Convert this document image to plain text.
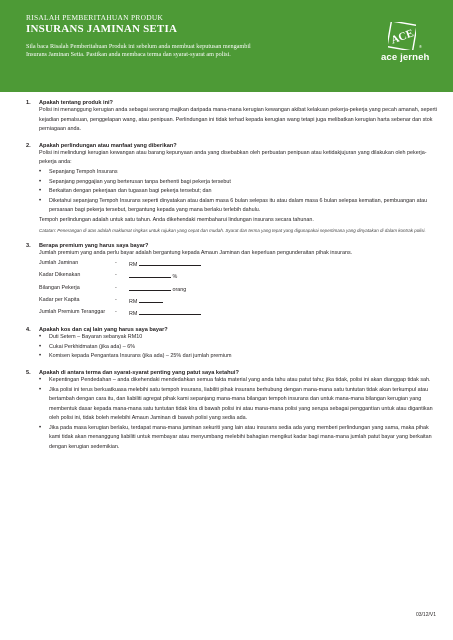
RISALAH PEMBERITAHUAN PRODUK
INSURANS JAMINAN SETIA
Sila baca Risalah Pemberitahuan Produk ini sebelum anda membuat keputusan mengambil
Insurans Jaminan Setia. Pastikan anda membaca terma dan syarat-syarat am polisi.
ACE
ace jerneh
®
1.	Apakah tentang produk ini?
Polisi ini menanggung kerugian anda sebagai seorang majikan daripada mana-mana kerugian kewangan akibat kelakuan pekerja-pekerja yang pecah amanah, seperti kejadian pemalsuan, penggelapan wang, atau penipuan. Perlindungan ini tidak terhad kepada kerugian wang tetapi juga melibatkan kerugian harta sebenar dan stok perniagaan anda.
2.	Apakah perlindungan atau manfaat yang diberikan?
Polisi ini melindungi kerugian kewangan atau barang kepunyaan anda yang disebabkan oleh perbuatan penipuan atau ketidakjujuran yang dilakukan oleh pekerja-pekerja anda:
•	Sepanjang Tempoh Insurans
•	Sepanjang penggajian yang berterusan tanpa berhenti bagi pekerja tersebut
•	Berkaitan dengan pekerjaan dan tugasan bagi pekerja tersebut; dan
•	Diketahui sepanjang Tempoh Insurans seperti dinyatakan atau dalam masa 6 bulan selepas itu atau dalam masa 6 bulan selepas kematian, pembuangan atau persaraan bagi pekerja tersebut, bergantung kepada yang mana berlaku terlebih dahulu.
Tempoh perlindungan adalah untuk satu tahun. Anda dikehendaki membaharui lindungan insurans secara tahunan.
Catatan: Penerangan di atas adalah maklumat ringkas untuk rujukan yang cepat dan mudah. Syarat dan terma yang tepat yang digunapakai sepertimana yang dinyatakan di dalam kontrak polisi.
3.	Berapa premium yang harus saya bayar?
Jumlah premium yang anda perlu bayar adalah bergantung kepada Amaun Jaminan dan keperluan pengunderaitan pihak insurans.
Jumlah Jaminan	-	RM
Kadar Dikenakan	-	%
Bilangan Pekerja	-	orang
Kadar per Kapita	-	RM
Jumlah Premium Teranggar	-	RM
4.	Apakah kos dan caj lain yang harus saya bayar?
•	Duti Setem – Bayaran sebanyak RM10
•	Cukai Perkhidmatan (jika ada) – 6%
•	Komisen kepada Pengantara Insurans (jika ada) – 25% dari jumlah premium
5.	Apakah di antara terma dan syarat-syarat penting yang patut saya ketahui?
•	Kepentingan Pendedahan – anda dikehendaki mendedahkan semua fakta material yang anda tahu atau patut tahu; jika tidak, polisi ini akan dianggap tidak sah.
•	Jika polisi ini terus berkuatkuasa melebihi satu tempoh insurans, liabiliti pihak insurans berhubung dengan mana-mana satu tuntutan tidak akan terkumpul atau bertambah dengan cara itu, dan liabiliti agregat pihak kami sepanjang mana-mana bilangan tempoh insurans dan untuk mana-mana bilangan kerugian yang membentuk dasar kepada mana-mana satu tuntutan tidak kira di bawah polisi ini atau mana-mana polisi yang serupa sebagai penggantian untuk atau digantikan oleh polisi ini, tidak boleh melebihi Amaun Jaminan di bawah polisi yang sedia ada.
•	Jika pada masa kerugian berlaku, terdapat mana-mana jaminan sekuriti yang lain atau insurans sedia ada yang memberi perlindungan yang sama, maka pihak kami tidak akan menanggung liabiliti untuk membayar atau menyumbang melebihi bahagian mengikut kadar bagi mana-mana jumlah patut bayar yang berkaitan dengan kerugian sedemikian.
03/12/V1
